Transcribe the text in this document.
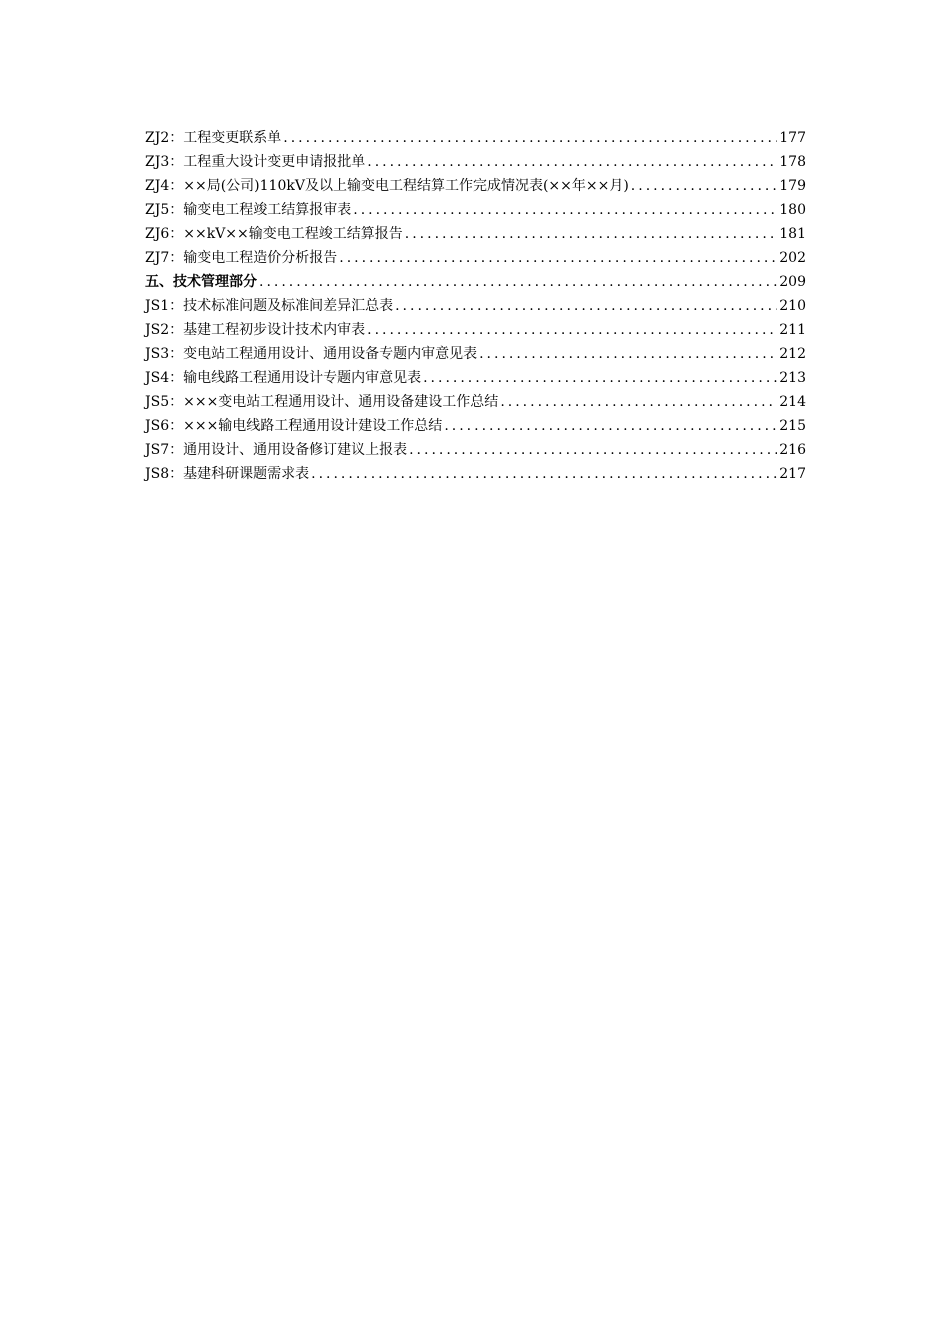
ZJ2：工程变更联系单 .....	177
ZJ3：工程重大设计变更申请报批单 .....	178
ZJ4：××局(公司)110kV及以上输变电工程结算工作完成情况表(××年××月) .....	179
ZJ5：输变电工程竣工结算报审表 .....	180
ZJ6：××kV××输变电工程竣工结算报告 .....	181
ZJ7：输变电工程造价分析报告 .....	202
五、技术管理部分 .....	209
JS1：技术标准问题及标准间差异汇总表 .....	210
JS2：基建工程初步设计技术内审表 .....	211
JS3：变电站工程通用设计、通用设备专题内审意见表 .....	212
JS4：输电线路工程通用设计专题内审意见表 .....	213
JS5：×××变电站工程通用设计、通用设备建设工作总结 .....	214
JS6：×××输电线路工程通用设计建设工作总结 .....	215
JS7：通用设计、通用设备修订建议上报表 .....	216
JS8：基建科研课题需求表 .....	217
